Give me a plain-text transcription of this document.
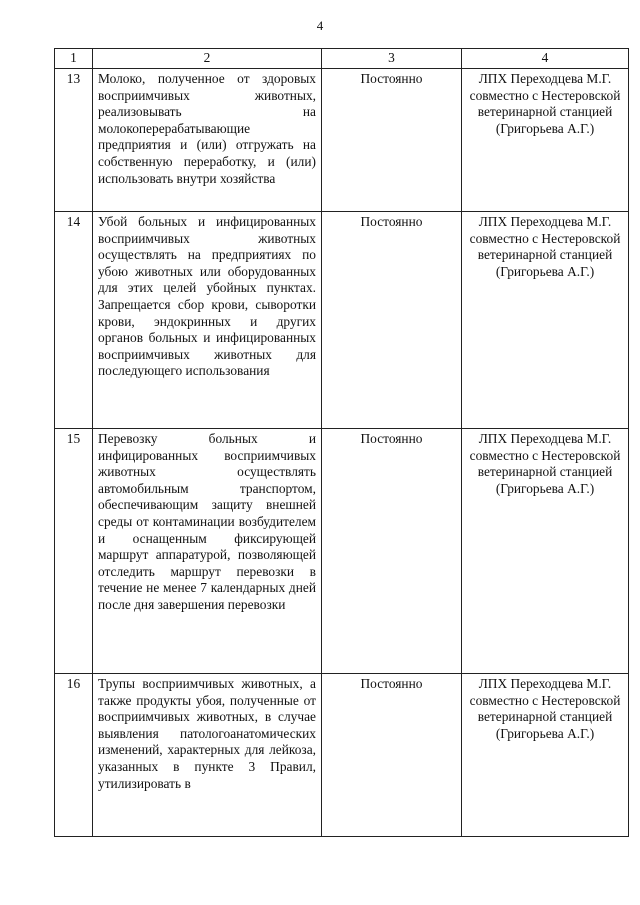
4
1	2	3	4
13	Молоко, полученное от здоровых восприимчивых животных, реализовывать на молокоперерабатывающие предприятия и (или) отгружать на собственную переработку, и (или) использовать внутри хозяйства	Постоянно	ЛПХ Переходцева М.Г. совместно с Нестеровской ветеринарной станцией (Григорьева А.Г.)
14	Убой больных и инфицированных восприимчивых животных осуществлять на предприятиях по убою животных или оборудованных для этих целей убойных пунктах. Запрещается сбор крови, сыворотки крови, эндокринных и других органов больных и инфицированных восприимчивых животных для последующего использования	Постоянно	ЛПХ Переходцева М.Г. совместно с Нестеровской ветеринарной станцией (Григорьева А.Г.)
15	Перевозку больных и инфицированных восприимчивых животных осуществлять автомобильным транспортом, обеспечивающим защиту внешней среды от контаминации возбудителем и оснащенным фиксирующей маршрут аппаратурой, позволяющей отследить маршрут перевозки в течение не менее 7 календарных дней после дня завершения перевозки	Постоянно	ЛПХ Переходцева М.Г. совместно с Нестеровской ветеринарной станцией (Григорьева А.Г.)
16	Трупы восприимчивых животных, а также продукты убоя, полученные от восприимчивых животных, в случае выявления патологоанатомических изменений, характерных для лейкоза, указанных в пункте 3 Правил, утилизировать в	Постоянно	ЛПХ Переходцева М.Г. совместно с Нестеровской ветеринарной станцией (Григорьева А.Г.)
